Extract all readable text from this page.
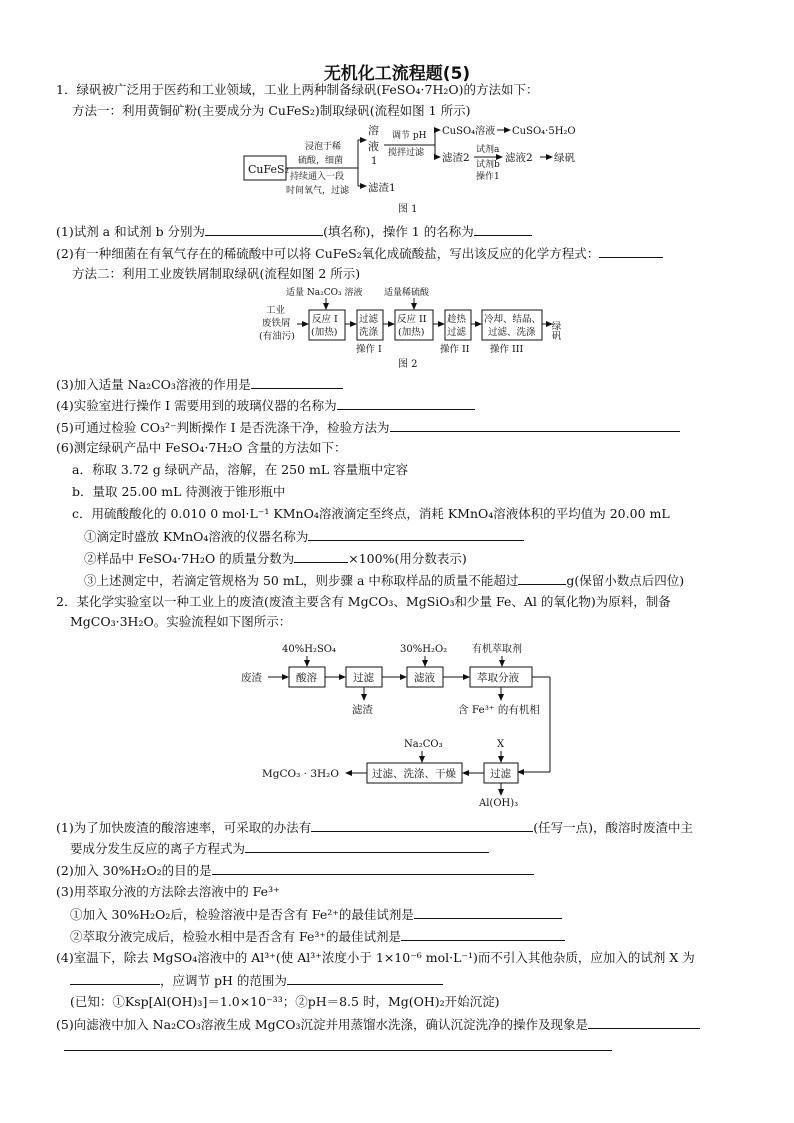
无机化工流程题(5)
1．绿矾被广泛用于医药和工业领域，工业上两种制备绿矾(FeSO₄·7H₂O)的方法如下：
方法一：利用黄铜矿粉(主要成分为 CuFeS₂)制取绿矾(流程如图 1 所示)
CuFeS₂
浸泡于稀
硫酸，细菌
持续通入一段
时间氧气，过滤
溶
液
1
滤渣1
调节 pH
搅拌过滤
CuSO₄溶液 CuSO₄·5H₂O
滤渣2
试剂a
试剂b
操作1
滤液2 绿矾
图 1
(1)试剂 a 和试剂 b 分别为	(填名称)，操作 1 的名称为
(2)有一种细菌在有氧气存在的稀硫酸中可以将 CuFeS₂氧化成硫酸盐，写出该反应的化学方程式：
方法二：利用工业废铁屑制取绿矾(流程如图 2 所示)
适量 Na₂CO₃ 溶液 适量稀硫酸
工业
废铁屑
(有油污)
反应 I
(加热)
过滤
洗涤
反应 II
(加热)
趁热
过滤
冷却、结晶、
过滤、洗涤 绿矾
操作 I	操作 II 操作 III
图 2
(3)加入适量 Na₂CO₃溶液的作用是
(4)实验室进行操作 I 需要用到的玻璃仪器的名称为
(5)可通过检验 CO₃²⁻判断操作 I 是否洗涤干净，检验方法为
(6)测定绿矾产品中 FeSO₄·7H₂O 含量的方法如下：
a．称取 3.72 g 绿矾产品，溶解，在 250 mL 容量瓶中定容
b．量取 25.00 mL 待测液于锥形瓶中
c．用硫酸酸化的 0.010 0 mol·L⁻¹ KMnO₄溶液滴定至终点，消耗 KMnO₄溶液体积的平均值为 20.00 mL
①滴定时盛放 KMnO₄溶液的仪器名称为
②样品中 FeSO₄·7H₂O 的质量分数为	×100%(用分数表示)
③上述测定中，若滴定管规格为 50 mL，则步骤 a 中称取样品的质量不能超过	g(保留小数点后四位)
2．某化学实验室以一种工业上的废渣(废渣主要含有 MgCO₃、MgSiO₃和少量 Fe、Al 的氧化物)为原料，制备
MgCO₃·3H₂O。实验流程如下图所示：
40%H₂SO₄	30%H₂O₂ 有机萃取剂
废渣	酸溶	过滤
滤渣
滤液	萃取分液
含 Fe³⁺ 的有机相
过滤
X
Al(OH)₃
过滤、洗涤、干燥
Na₂CO₃
MgCO₃ · 3H₂O
(1)为了加快废渣的酸溶速率，可采取的办法有	(任写一点)，酸溶时废渣中主
要成分发生反应的离子方程式为
(2)加入 30%H₂O₂的目的是
(3)用萃取分液的方法除去溶液中的 Fe³⁺
①加入 30%H₂O₂后，检验溶液中是否含有 Fe²⁺的最佳试剂是
②萃取分液完成后，检验水相中是否含有 Fe³⁺的最佳试剂是
(4)室温下，除去 MgSO₄溶液中的 Al³⁺(使 Al³⁺浓度小于 1×10⁻⁶ mol·L⁻¹)而不引入其他杂质，应加入的试剂 X 为
，应调节 pH 的范围为
(已知：①Ksp[Al(OH)₃]＝1.0×10⁻³³；②pH＝8.5 时，Mg(OH)₂开始沉淀)
(5)向滤液中加入 Na₂CO₃溶液生成 MgCO₃沉淀并用蒸馏水洗涤，确认沉淀洗净的操作及现象是
